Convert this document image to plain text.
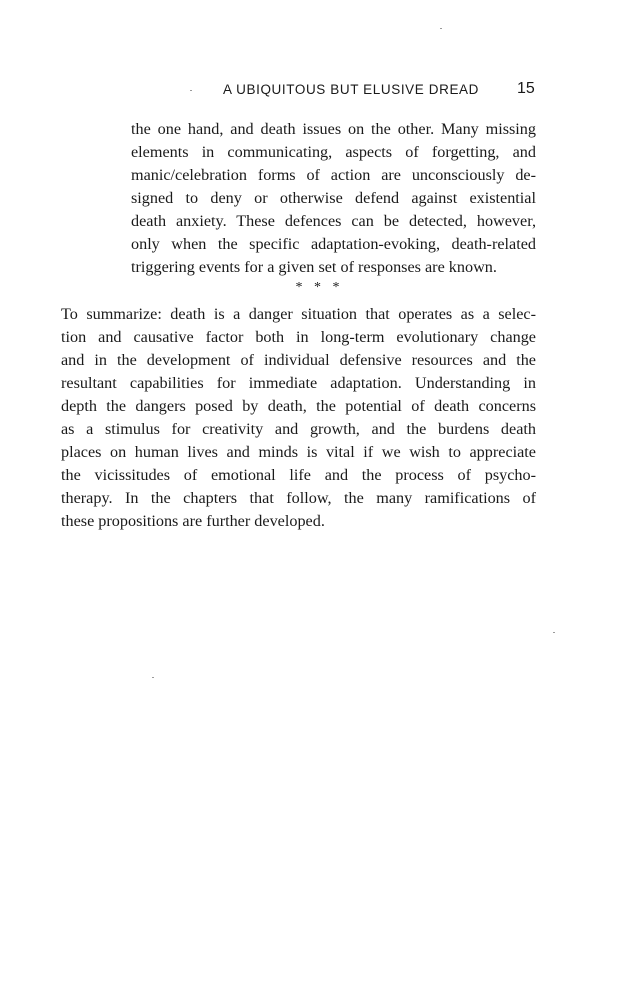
A UBIQUITOUS BUT ELUSIVE DREAD 15
the one hand, and death issues on the other. Many missing
elements in communicating, aspects of forgetting, and
manic/celebration forms of action are unconsciously de-
signed to deny or otherwise defend against existential
death anxiety. These defences can be detected, however,
only when the specific adaptation-evoking, death-related
triggering events for a given set of responses are known.
* * *
To summarize: death is a danger situation that operates as a selec-
tion and causative factor both in long-term evolutionary change
and in the development of individual defensive resources and the
resultant capabilities for immediate adaptation. Understanding in
depth the dangers posed by death, the potential of death concerns
as a stimulus for creativity and growth, and the burdens death
places on human lives and minds is vital if we wish to appreciate
the vicissitudes of emotional life and the process of psycho-
therapy. In the chapters that follow, the many ramifications of
these propositions are further developed.
